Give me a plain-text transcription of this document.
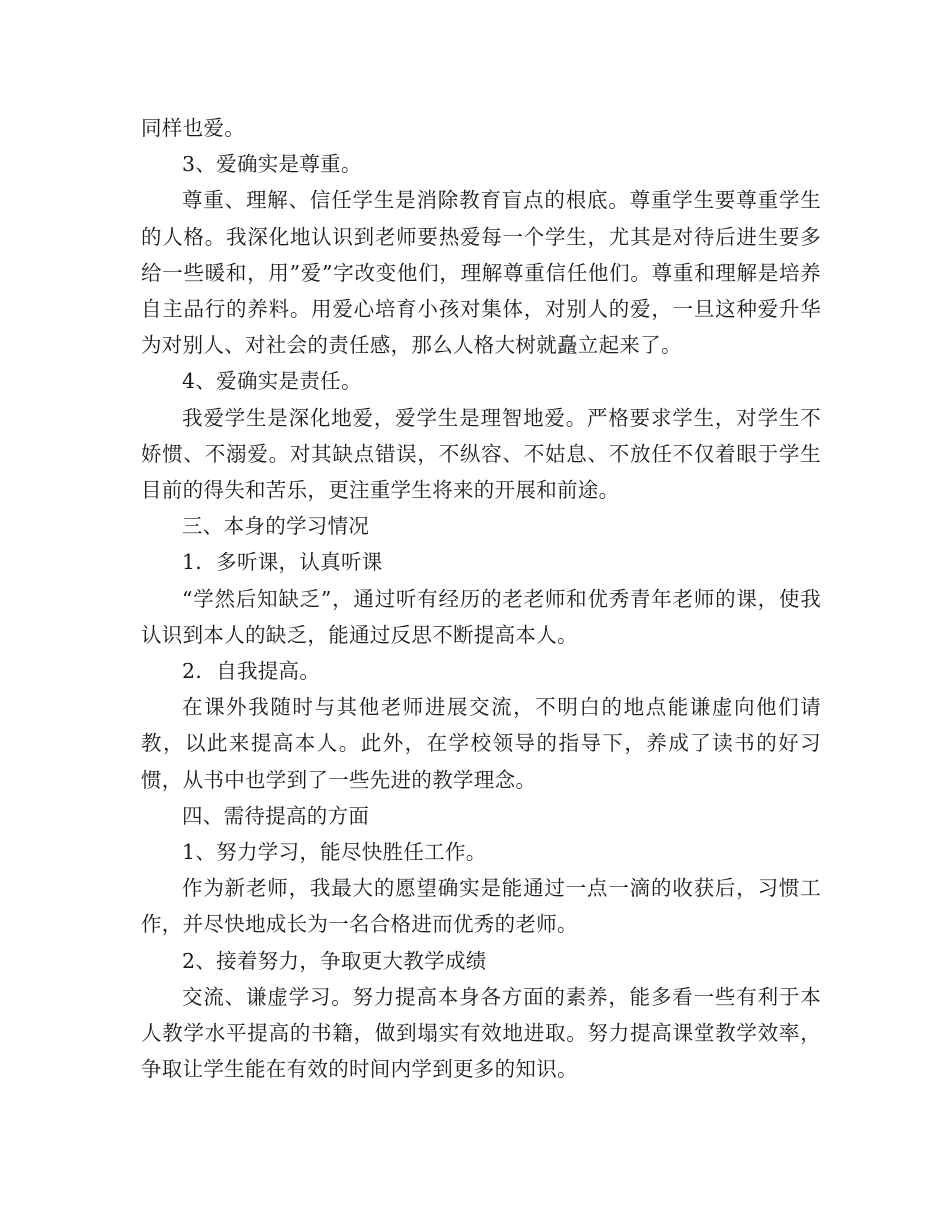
同样也爱。

3、爱确实是尊重。

尊重、理解、信任学生是消除教育盲点的根底。尊重学生要尊重学生的人格。我深化地认识到老师要热爱每一个学生，尤其是对待后进生要多给一些暖和，用”爱”字改变他们，理解尊重信任他们。尊重和理解是培养自主品行的养料。用爱心培育小孩对集体，对别人的爱，一旦这种爱升华为对别人、对社会的责任感，那么人格大树就矗立起来了。

4、爱确实是责任。

我爱学生是深化地爱，爱学生是理智地爱。严格要求学生，对学生不娇惯、不溺爱。对其缺点错误，不纵容、不姑息、不放任不仅着眼于学生目前的得失和苦乐，更注重学生将来的开展和前途。

三、本身的学习情况

1．多听课，认真听课

“学然后知缺乏”，通过听有经历的老老师和优秀青年老师的课，使我认识到本人的缺乏，能通过反思不断提高本人。

2．自我提高。

在课外我随时与其他老师进展交流，不明白的地点能谦虚向他们请教，以此来提高本人。此外，在学校领导的指导下，养成了读书的好习惯，从书中也学到了一些先进的教学理念。

四、需待提高的方面

1、努力学习，能尽快胜任工作。

作为新老师，我最大的愿望确实是能通过一点一滴的收获后，习惯工作，并尽快地成长为一名合格进而优秀的老师。

2、接着努力，争取更大教学成绩

交流、谦虚学习。努力提高本身各方面的素养，能多看一些有利于本人教学水平提高的书籍，做到塌实有效地进取。努力提高课堂教学效率，争取让学生能在有效的时间内学到更多的知识。
